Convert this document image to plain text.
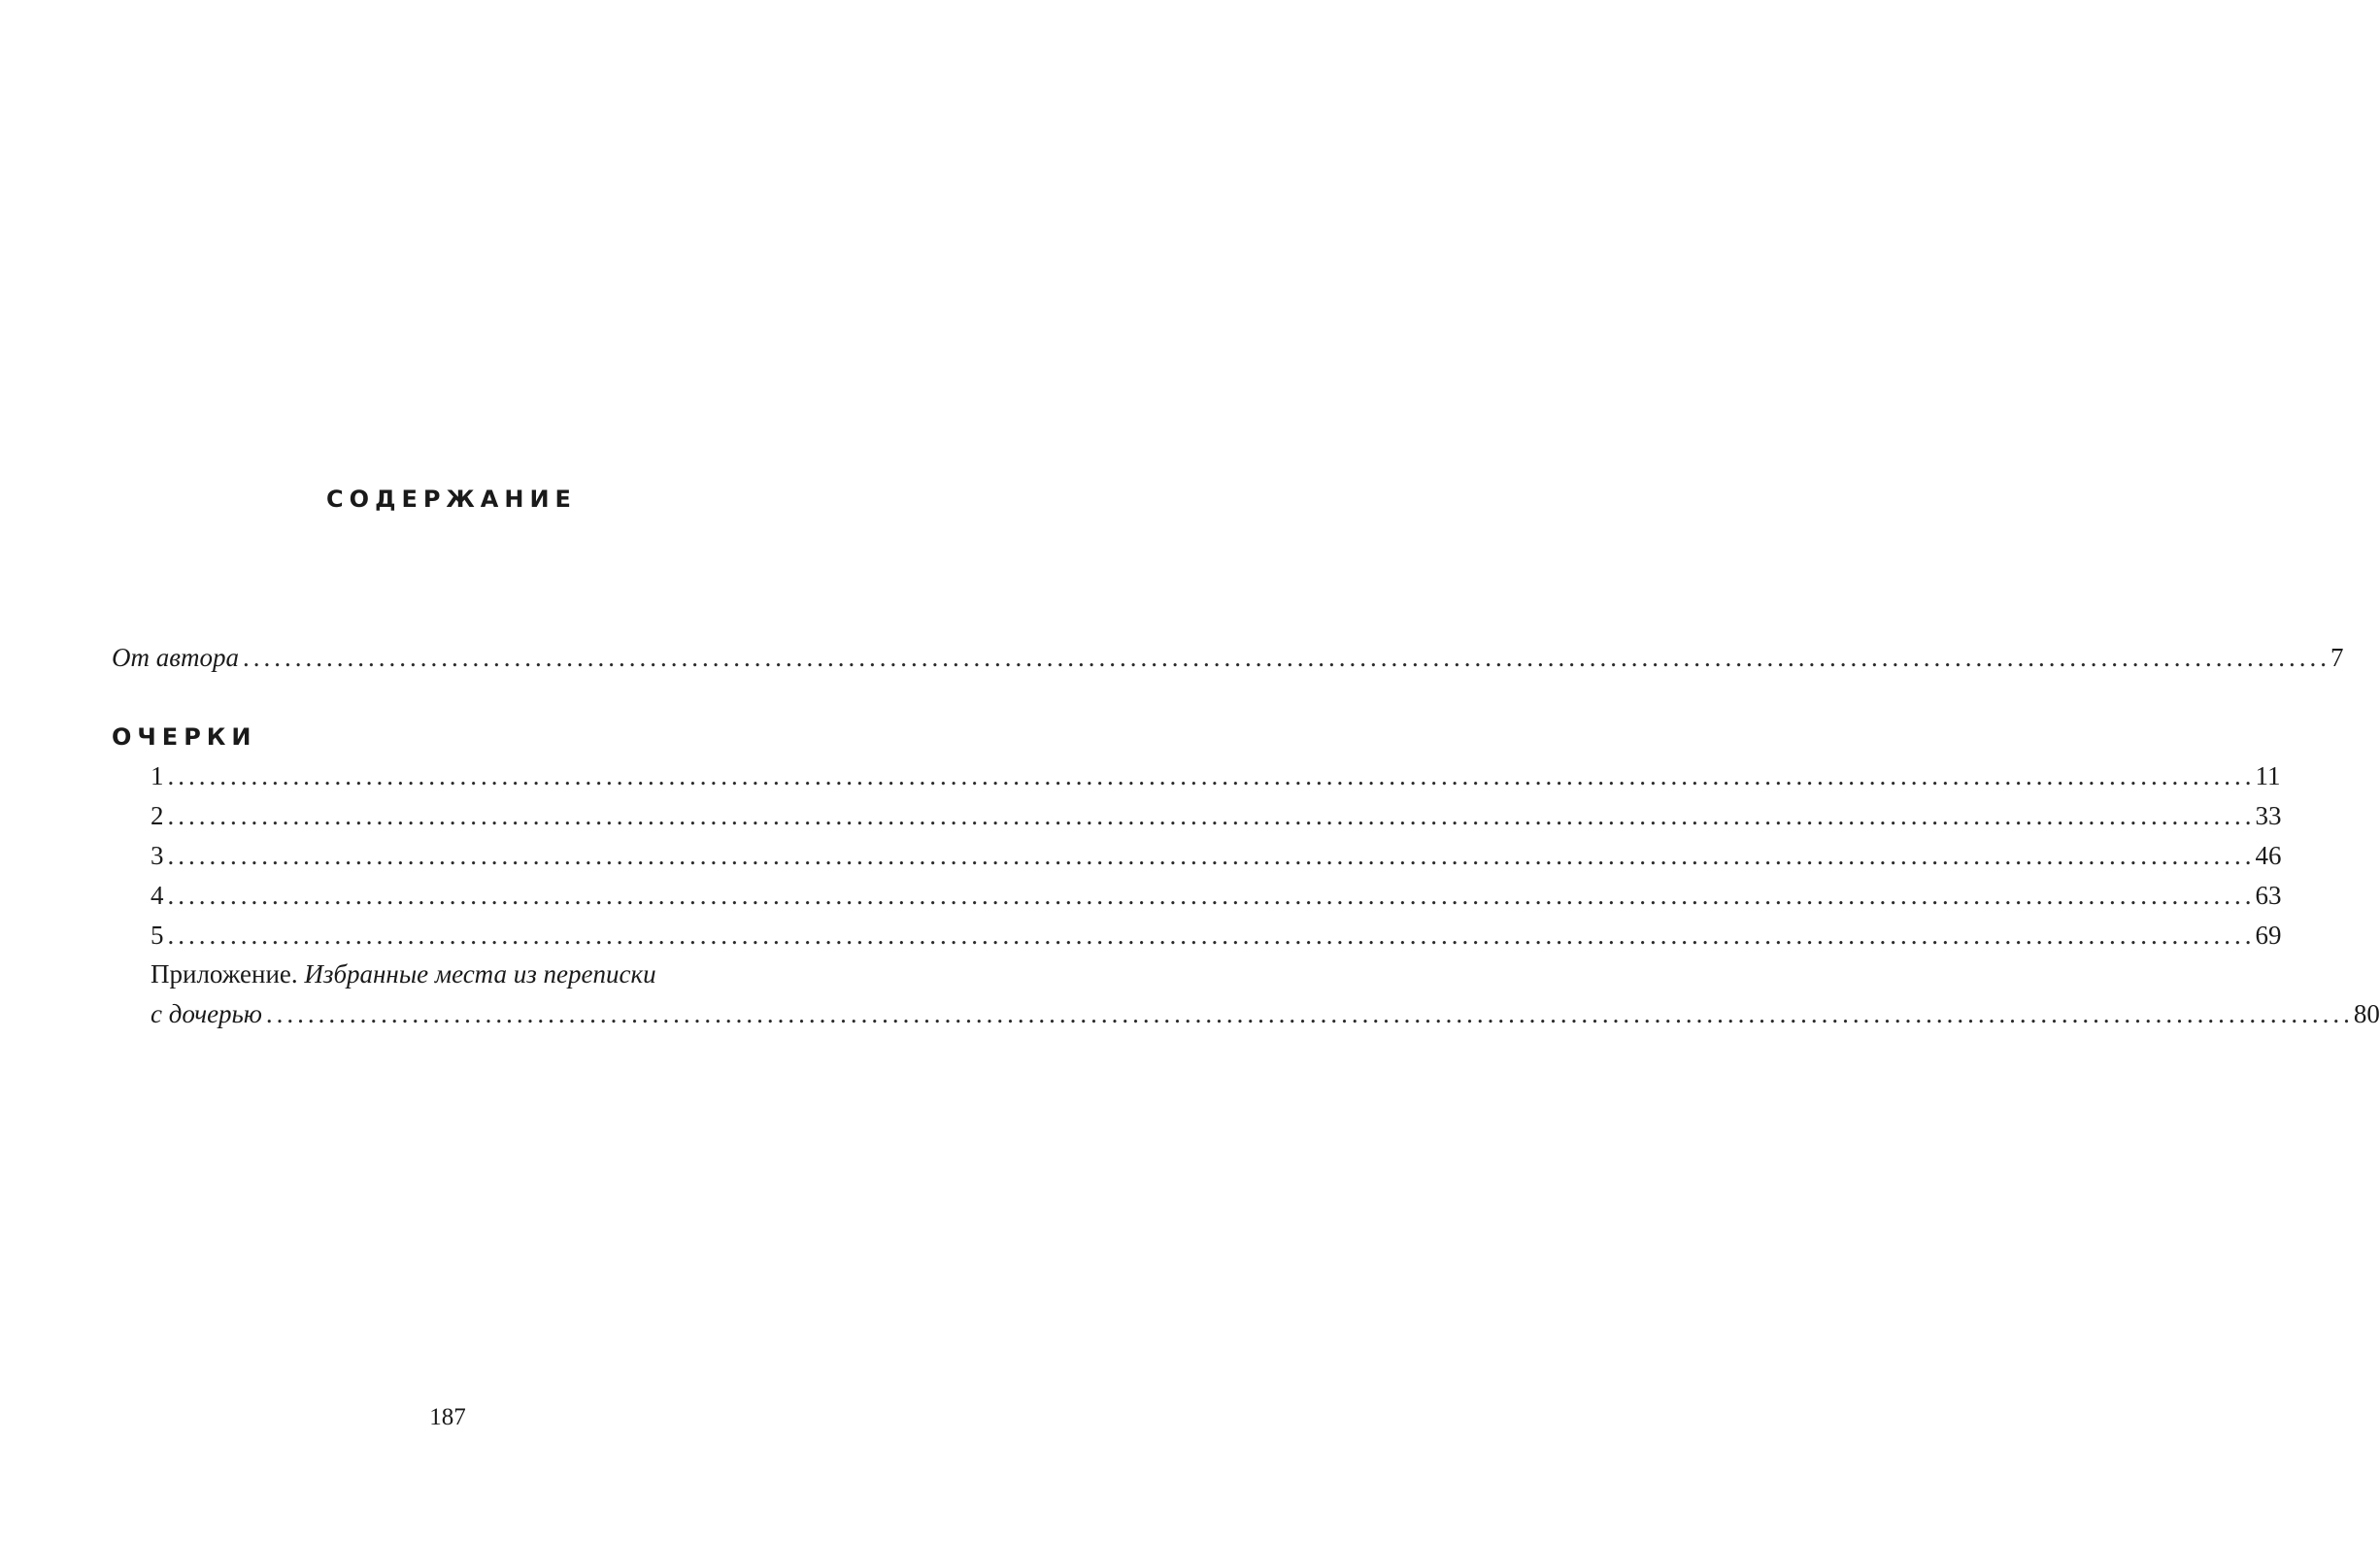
СОДЕРЖАНИЕ
От автора ........................................................................................................................................................................................................ 7
ОЧЕРКИ
1 ........................................................................................................................................................................................................ 11
2 ........................................................................................................................................................................................................ 33
3 ........................................................................................................................................................................................................ 46
4 ........................................................................................................................................................................................................ 63
5 ........................................................................................................................................................................................................ 69
Приложение. Избранные места из переписки
с дочерью ........................................................................................................................................................................................................ 80
187
